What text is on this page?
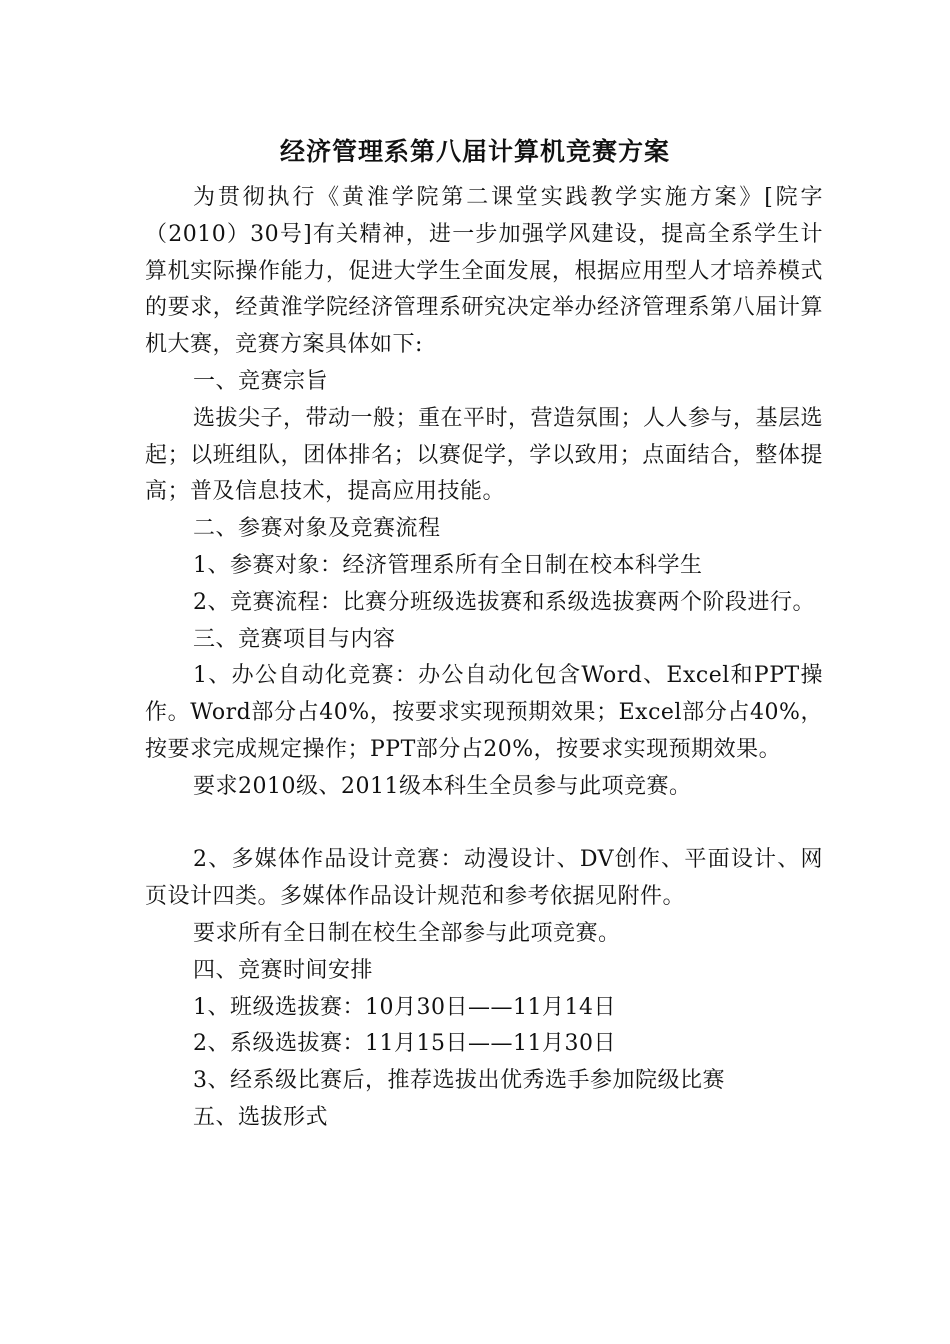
经济管理系第八届计算机竞赛方案

为贯彻执行《黄淮学院第二课堂实践教学实施方案》[院字（2010）30号]有关精神，进一步加强学风建设，提高全系学生计算机实际操作能力，促进大学生全面发展，根据应用型人才培养模式的要求，经黄淮学院经济管理系研究决定举办经济管理系第八届计算机大赛，竞赛方案具体如下:

一、竞赛宗旨

选拔尖子，带动一般；重在平时，营造氛围；人人参与，基层选起；以班组队，团体排名；以赛促学，学以致用；点面结合，整体提高；普及信息技术，提高应用技能。

二、参赛对象及竞赛流程

1、参赛对象：经济管理系所有全日制在校本科学生

2、竞赛流程：比赛分班级选拔赛和系级选拔赛两个阶段进行。

三、竞赛项目与内容

1、办公自动化竞赛：办公自动化包含Word、Excel和PPT操作。Word部分占40%，按要求实现预期效果；Excel部分占40%，按要求完成规定操作；PPT部分占20%，按要求实现预期效果。

要求2010级、2011级本科生全员参与此项竞赛。

2、多媒体作品设计竞赛：动漫设计、DV创作、平面设计、网页设计四类。多媒体作品设计规范和参考依据见附件。

要求所有全日制在校生全部参与此项竞赛。

四、竞赛时间安排

1、班级选拔赛：10月30日——11月14日

2、系级选拔赛：11月15日——11月30日

3、经系级比赛后，推荐选拔出优秀选手参加院级比赛

五、选拔形式
